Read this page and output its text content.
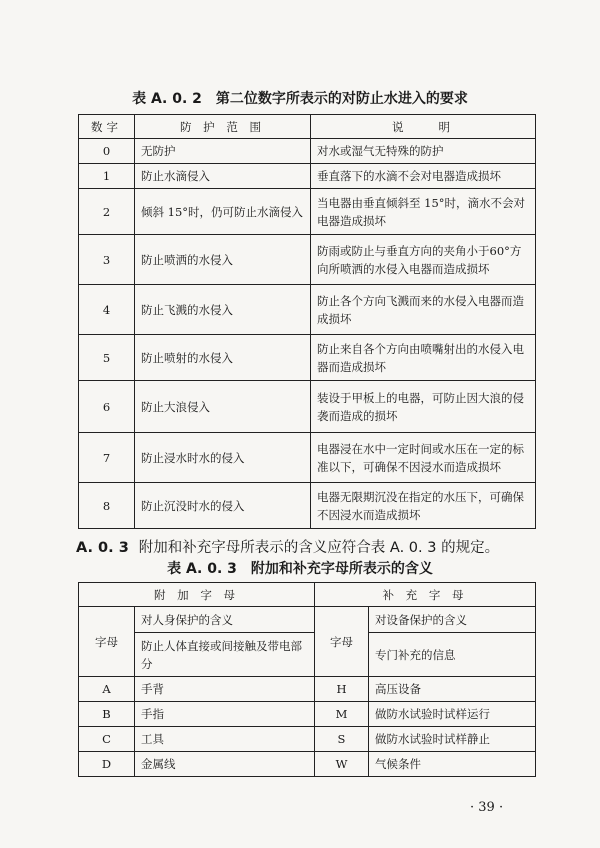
表 A. 0. 2　第二位数字所表示的对防止水进入的要求
数字	防 护 范 围	说　　明
0	无防护	对水或湿气无特殊的防护
1	防止水滴侵入	垂直落下的水滴不会对电器造成损坏
2	倾斜 15°时，仍可防止水滴侵入	当电器由垂直倾斜至 15°时，滴水不会对电器造成损坏
3	防止喷洒的水侵入	防雨或防止与垂直方向的夹角小于60°方向所喷洒的水侵入电器而造成损坏
4	防止飞溅的水侵入	防止各个方向飞溅而来的水侵入电器而造成损坏
5	防止喷射的水侵入	防止来自各个方向由喷嘴射出的水侵入电器而造成损坏
6	防止大浪侵入	装设于甲板上的电器，可防止因大浪的侵袭而造成的损坏
7	防止浸水时水的侵入	电器浸在水中一定时间或水压在一定的标准以下，可确保不因浸水而造成损坏
8	防止沉没时水的侵入	电器无限期沉没在指定的水压下，可确保不因浸水而造成损坏
A. 0. 3 附加和补充字母所表示的含义应符合表 A. 0. 3 的规定。
表 A. 0. 3　附加和补充字母所表示的含义
附 加 字 母		补 充 字 母	
字母	对人身保护的含义	字母	对设备保护的含义
	防止人体直接或间接触及带电部分		专门补充的信息
A	手背	H	高压设备
B	手指	M	做防水试验时试样运行
C	工具	S	做防水试验时试样静止
D	金属线	W	气候条件
· 39 ·
